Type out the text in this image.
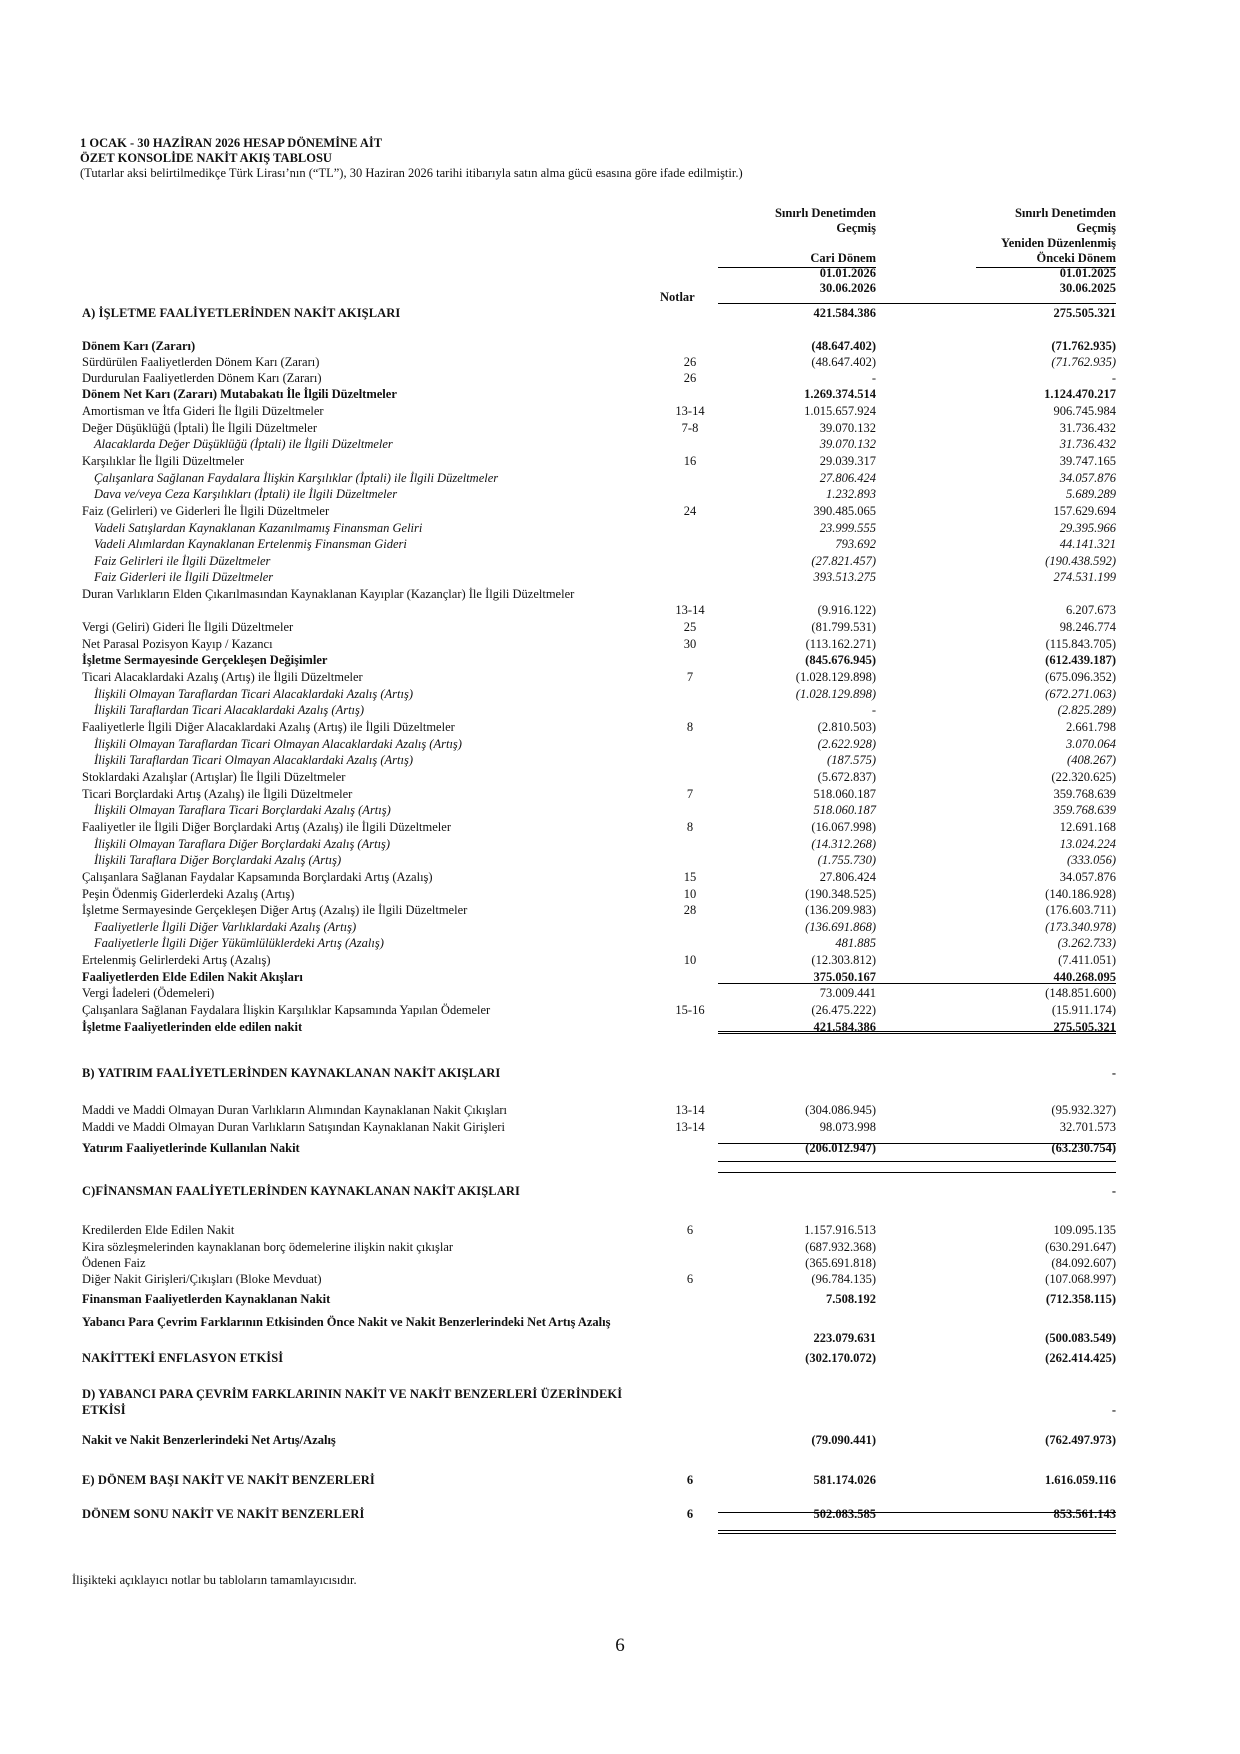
1 OCAK - 30 HAZİRAN 2026 HESAP DÖNEMİNE AİT
ÖZET KONSOLİDE NAKİT AKIŞ TABLOSU
(Tutarlar aksi belirtilmedikçe Türk Lirası’nın (“TL”), 30 Haziran 2026 tarihi itibarıyla satın alma gücü esasına göre ifade edilmiştir.)
Sınırlı Denetimden
Geçmiş
Cari Dönem
01.01.2026
30.06.2026
Sınırlı Denetimden
Geçmiş
Yeniden Düzenlenmiş
Önceki Dönem
01.01.2025
30.06.2025
Notlar
A) İŞLETME FAALİYETLERİNDEN NAKİT AKIŞLARI	421.584.386	275.505.321
Dönem Karı (Zararı)	(48.647.402)	(71.762.935)
Sürdürülen Faaliyetlerden Dönem Karı (Zararı)	26	(48.647.402)	(71.762.935)
Durdurulan Faaliyetlerden Dönem Karı (Zararı)	26	-	-
Dönem Net Karı (Zararı) Mutabakatı İle İlgili Düzeltmeler	1.269.374.514	1.124.470.217
Amortisman ve İtfa Gideri İle İlgili Düzeltmeler	13-14	1.015.657.924	906.745.984
Değer Düşüklüğü (İptali) İle İlgili Düzeltmeler	7-8	39.070.132	31.736.432
Alacaklarda Değer Düşüklüğü (İptali) ile İlgili Düzeltmeler	39.070.132	31.736.432
Karşılıklar İle İlgili Düzeltmeler	16	29.039.317	39.747.165
Çalışanlara Sağlanan Faydalara İlişkin Karşılıklar (İptali) ile İlgili Düzeltmeler	27.806.424	34.057.876
Dava ve/veya Ceza Karşılıkları (İptali) ile İlgili Düzeltmeler	1.232.893	5.689.289
Faiz (Gelirleri) ve Giderleri İle İlgili Düzeltmeler	24	390.485.065	157.629.694
Vadeli Satışlardan Kaynaklanan Kazanılmamış Finansman Geliri	23.999.555	29.395.966
Vadeli Alımlardan Kaynaklanan Ertelenmiş Finansman Gideri	793.692	44.141.321
Faiz Gelirleri ile İlgili Düzeltmeler	(27.821.457)	(190.438.592)
Faiz Giderleri ile İlgili Düzeltmeler	393.513.275	274.531.199
Duran Varlıkların Elden Çıkarılmasından Kaynaklanan Kayıplar (Kazançlar) İle İlgili Düzeltmeler
13-14	(9.916.122)	6.207.673
Vergi (Geliri) Gideri İle İlgili Düzeltmeler	25	(81.799.531)	98.246.774
Net Parasal Pozisyon Kayıp / Kazancı	30	(113.162.271)	(115.843.705)
İşletme Sermayesinde Gerçekleşen Değişimler	(845.676.945)	(612.439.187)
Ticari Alacaklardaki Azalış (Artış) ile İlgili Düzeltmeler	7	(1.028.129.898)	(675.096.352)
İlişkili Olmayan Taraflardan Ticari Alacaklardaki Azalış (Artış)	(1.028.129.898)	(672.271.063)
İlişkili Taraflardan Ticari Alacaklardaki Azalış (Artış)	-	(2.825.289)
Faaliyetlerle İlgili Diğer Alacaklardaki Azalış (Artış) ile İlgili Düzeltmeler	8	(2.810.503)	2.661.798
İlişkili Olmayan Taraflardan Ticari Olmayan Alacaklardaki Azalış (Artış)	(2.622.928)	3.070.064
İlişkili Taraflardan Ticari Olmayan Alacaklardaki Azalış (Artış)	(187.575)	(408.267)
Stoklardaki Azalışlar (Artışlar) İle İlgili Düzeltmeler	(5.672.837)	(22.320.625)
Ticari Borçlardaki Artış (Azalış) ile İlgili Düzeltmeler	7	518.060.187	359.768.639
İlişkili Olmayan Taraflara Ticari Borçlardaki Azalış (Artış)	518.060.187	359.768.639
Faaliyetler ile İlgili Diğer Borçlardaki Artış (Azalış) ile İlgili Düzeltmeler	8	(16.067.998)	12.691.168
İlişkili Olmayan Taraflara Diğer Borçlardaki Azalış (Artış)	(14.312.268)	13.024.224
İlişkili Taraflara Diğer Borçlardaki Azalış (Artış)	(1.755.730)	(333.056)
Çalışanlara Sağlanan Faydalar Kapsamında Borçlardaki Artış (Azalış)	15	27.806.424	34.057.876
Peşin Ödenmiş Giderlerdeki Azalış (Artış)	10	(190.348.525)	(140.186.928)
İşletme Sermayesinde Gerçekleşen Diğer Artış (Azalış) ile İlgili Düzeltmeler	28	(136.209.983)	(176.603.711)
Faaliyetlerle İlgili Diğer Varlıklardaki Azalış (Artış)	(136.691.868)	(173.340.978)
Faaliyetlerle İlgili Diğer Yükümlülüklerdeki Artış (Azalış)	481.885	(3.262.733)
Ertelenmiş Gelirlerdeki Artış (Azalış)	10	(12.303.812)	(7.411.051)
Faaliyetlerden Elde Edilen Nakit Akışları	375.050.167	440.268.095
Vergi İadeleri (Ödemeleri)	73.009.441	(148.851.600)
Çalışanlara Sağlanan Faydalara İlişkin Karşılıklar Kapsamında Yapılan Ödemeler	15-16	(26.475.222)	(15.911.174)
İşletme Faaliyetlerinden elde edilen nakit	421.584.386	275.505.321
B) YATIRIM FAALİYETLERİNDEN KAYNAKLANAN NAKİT AKIŞLARI	-
Maddi ve Maddi Olmayan Duran Varlıkların Alımından Kaynaklanan Nakit Çıkışları	13-14	(304.086.945)	(95.932.327)
Maddi ve Maddi Olmayan Duran Varlıkların Satışından Kaynaklanan Nakit Girişleri	13-14	98.073.998	32.701.573
Yatırım Faaliyetlerinde Kullanılan Nakit	(206.012.947)	(63.230.754)
C)FİNANSMAN FAALİYETLERİNDEN KAYNAKLANAN NAKİT AKIŞLARI	-
Kredilerden Elde Edilen Nakit	6	1.157.916.513	109.095.135
Kira sözleşmelerinden kaynaklanan borç ödemelerine ilişkin nakit çıkışlar	(687.932.368)	(630.291.647)
Ödenen Faiz	(365.691.818)	(84.092.607)
Diğer Nakit Girişleri/Çıkışları (Bloke Mevduat)	6	(96.784.135)	(107.068.997)
Finansman Faaliyetlerden Kaynaklanan Nakit	7.508.192	(712.358.115)
Yabancı Para Çevrim Farklarının Etkisinden Önce Nakit ve Nakit Benzerlerindeki Net Artış Azalış
223.079.631	(500.083.549)
NAKİTTEKİ ENFLASYON ETKİSİ	(302.170.072)	(262.414.425)
D) YABANCI PARA ÇEVRİM FARKLARININ NAKİT VE NAKİT BENZERLERİ ÜZERİNDEKİ ETKİSİ	-
Nakit ve Nakit Benzerlerindeki Net Artış/Azalış	(79.090.441)	(762.497.973)
E) DÖNEM BAŞI NAKİT VE NAKİT BENZERLERİ	6	581.174.026	1.616.059.116
DÖNEM SONU NAKİT VE NAKİT BENZERLERİ	6	502.083.585	853.561.143
İlişikteki açıklayıcı notlar bu tabloların tamamlayıcısıdır.
6
